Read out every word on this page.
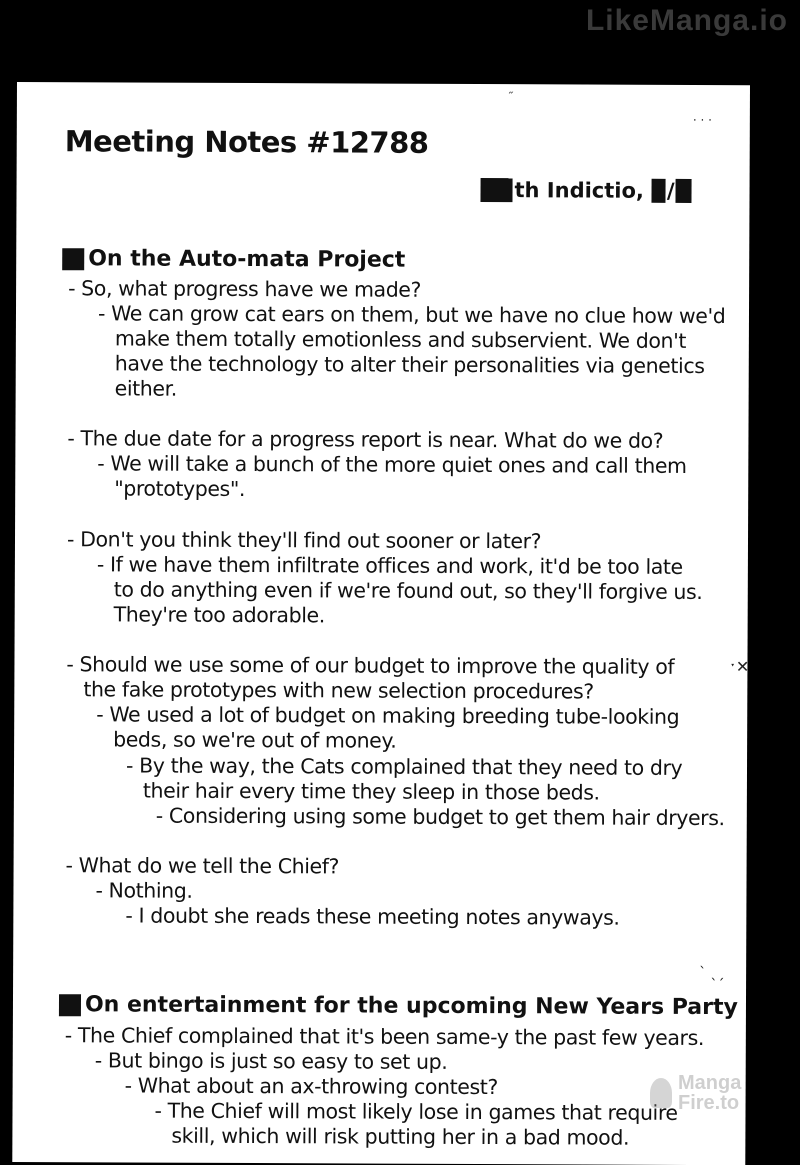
LikeManga.io
˶
· · ·
Meeting Notes #12788
th Indictio, /
On the Auto-mata Project
- So, what progress have we made?
- We can grow cat ears on them, but we have no clue how we'd
make them totally emotionless and subservient. We don't
have the technology to alter their personalities via genetics
either.
- The due date for a progress report is near. What do we do?
- We will take a bunch of the more quiet ones and call them
"prototypes".
- Don't you think they'll find out sooner or later?
- If we have them infiltrate offices and work, it'd be too late
to do anything even if we're found out, so they'll forgive us.
They're too adorable.
- Should we use some of our budget to improve the quality of
the fake prototypes with new selection procedures?
- We used a lot of budget on making breeding tube-looking
beds, so we're out of money.
- By the way, the Cats complained that they need to dry
their hair every time they sleep in those beds.
- Considering using some budget to get them hair dryers.
ˑ✕
- What do we tell the Chief?
- Nothing.
- I doubt she reads these meeting notes anyways.
ˋ ˎˏ
On entertainment for the upcoming New Years Party
- The Chief complained that it's been same-y the past few years.
- But bingo is just so easy to set up.
- What about an ax-throwing contest?
- The Chief will most likely lose in games that require
skill, which will risk putting her in a bad mood.
Manga
Fire.to
